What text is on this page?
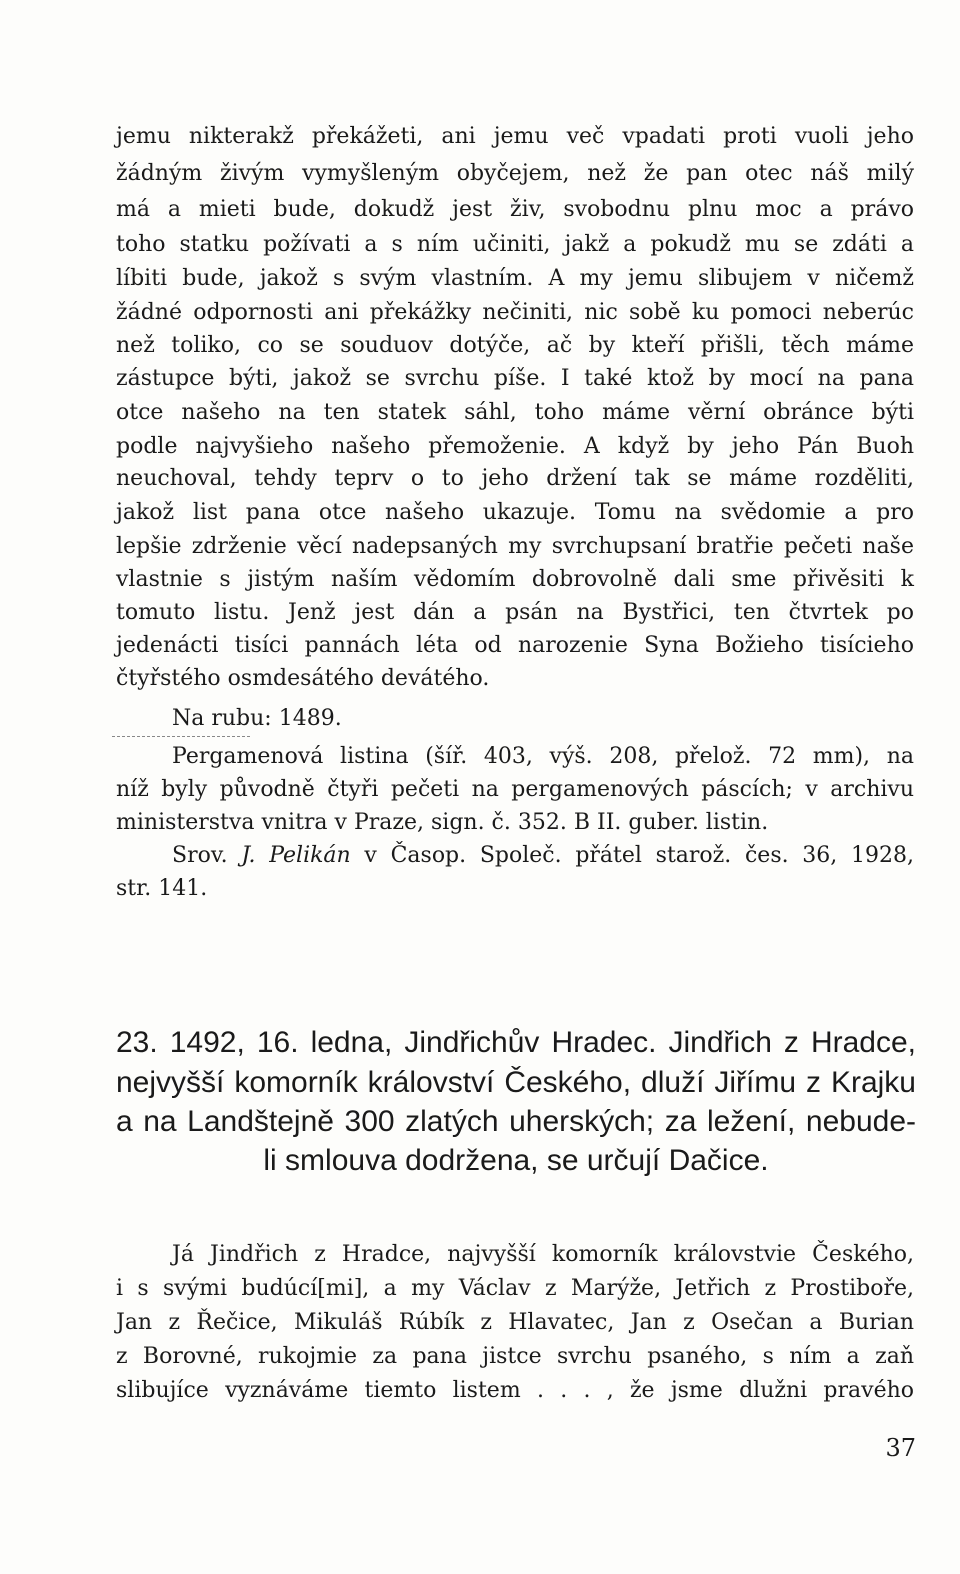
jemu nikterakž překážeti, ani jemu več vpadati proti vuoli jeho
žádným živým vymyšleným obyčejem, než že pan otec náš milý
má a mieti bude, dokudž jest živ, svobodnu plnu moc a právo
toho statku požívati a s ním učiniti, jakž a pokudž mu se zdáti a
líbiti bude, jakož s svým vlastním. A my jemu slibujem v ničemž
žádné odpornosti ani překážky nečiniti, nic sobě ku pomoci neberúc
než toliko, co se souduov dotýče, ač by kteří přišli, těch máme
zástupce býti, jakož se svrchu píše. I také ktož by mocí na pana
otce našeho na ten statek sáhl, toho máme věrní obránce býti
podle najvyšieho našeho přemoženie. A když by jeho Pán Buoh
neuchoval, tehdy teprv o to jeho držení tak se máme rozděliti,
jakož list pana otce našeho ukazuje. Tomu na svědomie a pro
lepšie zdrženie věcí nadepsaných my svrchupsaní bratřie pečeti naše
vlastnie s jistým naším vědomím dobrovolně dali sme přivěsiti k
tomuto listu. Jenž jest dán a psán na Bystřici, ten čtvrtek po
jedenácti tisíci pannách léta od narozenie Syna Božieho tisícieho
čtyřstého osmdesátého devátého.
Na rubu: 1489.
Pergamenová listina (šíř. 403, výš. 208, přelož. 72 mm), na
níž byly původně čtyři pečeti na pergamenových páscích; v archivu
ministerstva vnitra v Praze, sign. č. 352. B II. guber. listin.
Srov. J. Pelikán v Časop. Společ. přátel starož. čes. 36, 1928,
str. 141.
23. 1492, 16. ledna, Jindřichův Hradec. Jindřich z Hradce,
nejvyšší komorník království Českého, dluží Jiřímu z Krajku
a na Landštejně 300 zlatých uherských; za ležení, nebude-
li smlouva dodržena, se určují Dačice.
Já Jindřich z Hradce, najvyšší komorník královstvie Českého,
i s svými budúcí[mi], a my Václav z Marýže, Jetřich z Prostiboře,
Jan z Řečice, Mikuláš Rúbík z Hlavatec, Jan z Osečan a Burian
z Borovné, rukojmie za pana jistce svrchu psaného, s ním a zaň
slibujíce vyznáváme tiemto listem . . . , že jsme dlužni pravého
37
